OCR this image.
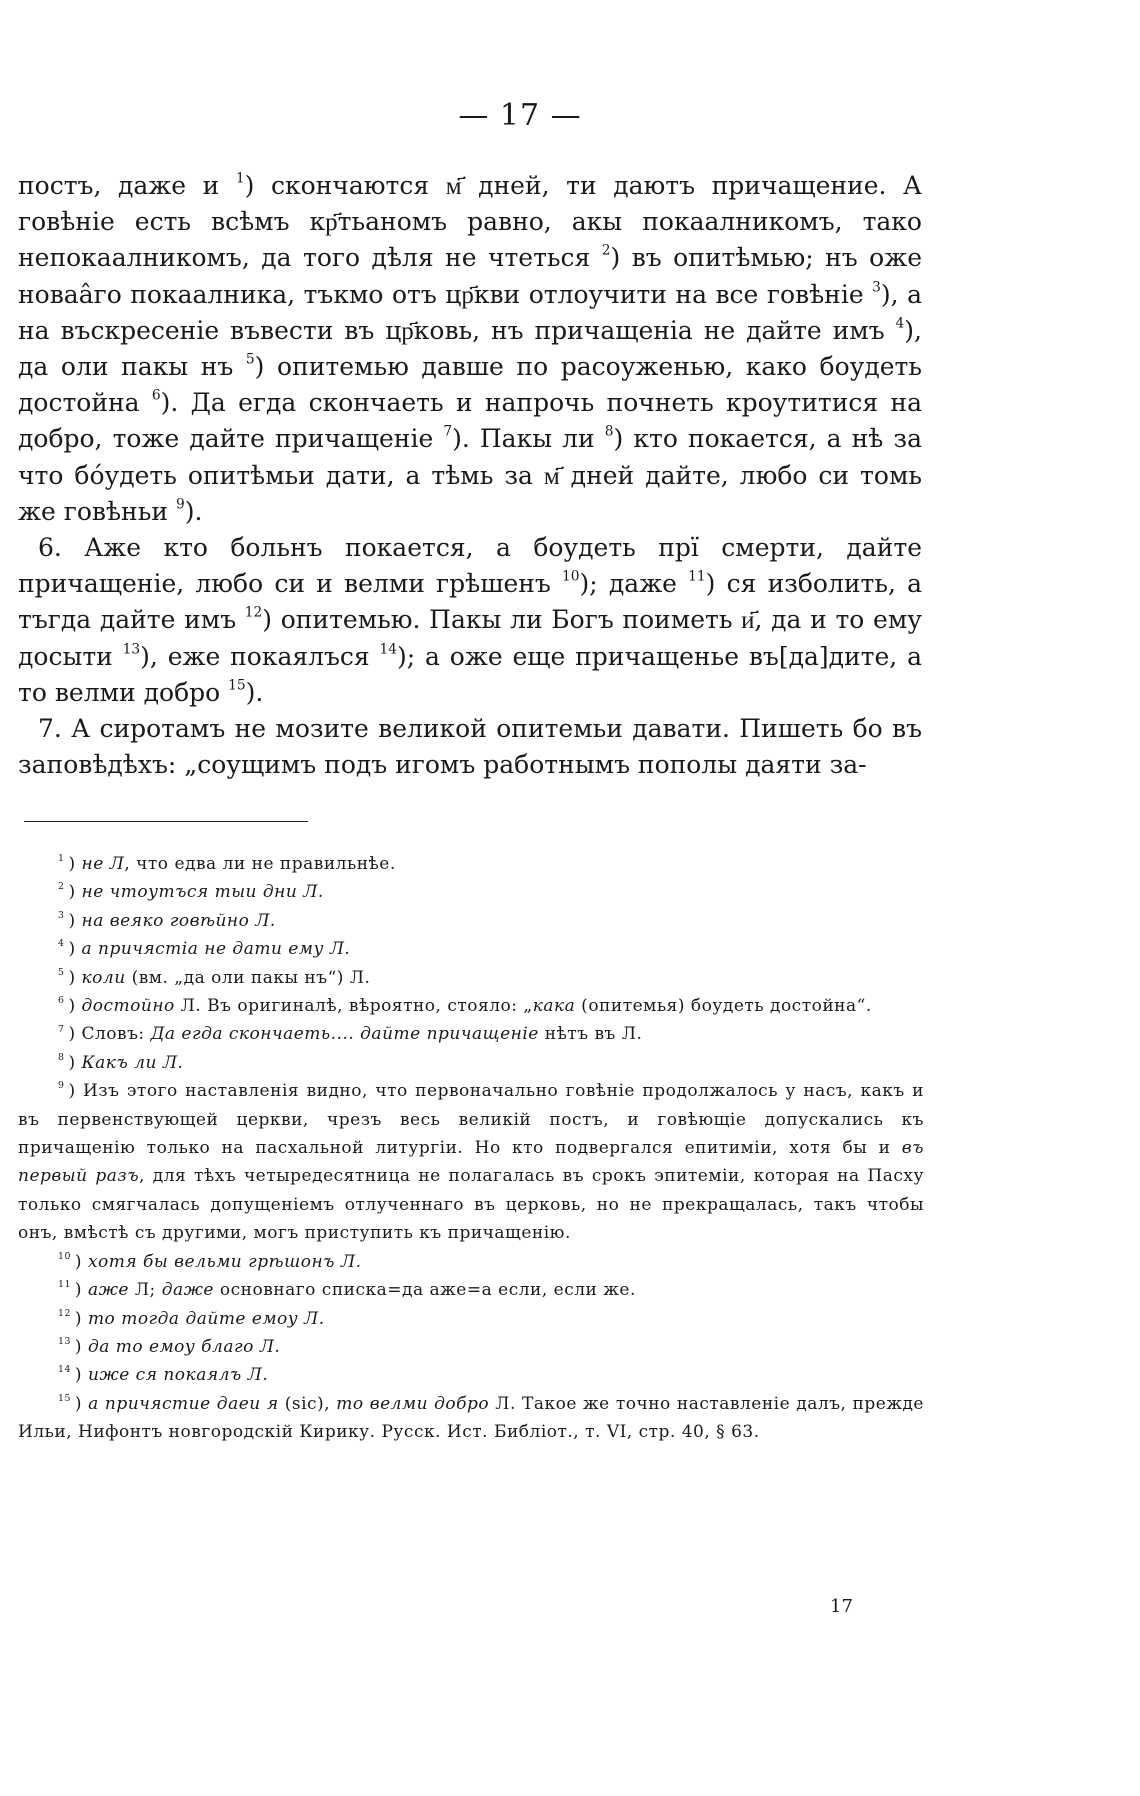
— 17 —

постъ, даже и $^1$) скончаются м҃ дней, ти даютъ причащение. А говѣніе есть всѣмъ кр҃тьаномъ равно, акы покаалникомъ, тако непокаалникомъ, да того дѣля не чтеться $^2$) въ опитѣмью; нъ оже новаâго покаалника, тъкмо отъ цр҃кви отлоучити на все говѣніе $^3$), а на въскресеніе въвести въ цр҃ковь, нъ причащеніа не дайте имъ $^4$), да оли пакы нъ $^5$) опитемью давше по расоуженью, како боудеть достойна $^6$). Да егда скончаеть и напрочь почнеть кроутитися на добро, тоже дайте причащеніе $^7$). Пакы ли $^8$) кто покается, а нѣ за что бóудеть опитѣмьи дати, а тѣмь за м҃ дней дайте, любо си томь же говѣньи $^9$).

6. Аже кто больнъ покается, а боудеть прї смерти, дайте причащеніе, любо си и велми грѣшенъ $^{10}$); даже $^{11}$) ся изболить, а тъгда дайте имъ $^{12}$) опитемью. Пакы ли Богъ поиметь и҃, да и то ему досыти $^{13}$), еже покаялъся $^{14}$); а оже еще причащенье въ[да]дите, а то велми добро $^{15}$).

7. А сиротамъ не мозите великой опитемьи давати. Пишеть бо въ заповѣдѣхъ: „соущимъ подъ игомъ работнымъ пополы даяти за-

$^1$ ) не Л, что едва ли не правильнѣе.

$^2$ ) не чтоутъся тыи дни Л.

$^3$ ) на веяко говѣйно Л.

$^4$ ) а причястіа не дати ему Л.

$^5$ ) коли (вм. „да оли пакы нъ“) Л.

$^6$ ) достойно Л. Въ оригиналѣ, вѣроятно, стояло: „кака (опитемья) боудеть достойна“.

$^7$ ) Словъ: Да егда скончаеть.... дайте причащеніе нѣтъ въ Л.

$^8$ ) Какъ ли Л.

$^9$ ) Изъ этого наставленія видно, что первоначально говѣніе продолжалось у насъ, какъ и въ первенствующей церкви, чрезъ весь великій постъ, и говѣющіе допускались къ причащенію только на пасхальной литургіи. Но кто подвергался епитиміи, хотя бы и въ первый разъ, для тѣхъ четыредесятница не полагалась въ срокъ эпитеміи, которая на Пасху только смягчалась допущеніемъ отлученнаго въ церковь, но не прекращалась, такъ чтобы онъ, вмѣстѣ съ другими, могъ приступить къ причащенію.

$^{10}$ ) хотя бы вельми грѣшонъ Л.

$^{11}$ ) аже Л; даже основнаго списка=да аже=а если, если же.

$^{12}$ ) то тогда дайте емоу Л.

$^{13}$ ) да то емоу благо Л.

$^{14}$ ) иже ся покаялъ Л.

$^{15}$ ) а причястие даеи я (sic), то велми добро Л. Такое же точно наставленіе далъ, прежде Ильи, Нифонтъ новгородскій Кирику. Русск. Ист. Библіот., т. VI, стр. 40, § 63.

17
